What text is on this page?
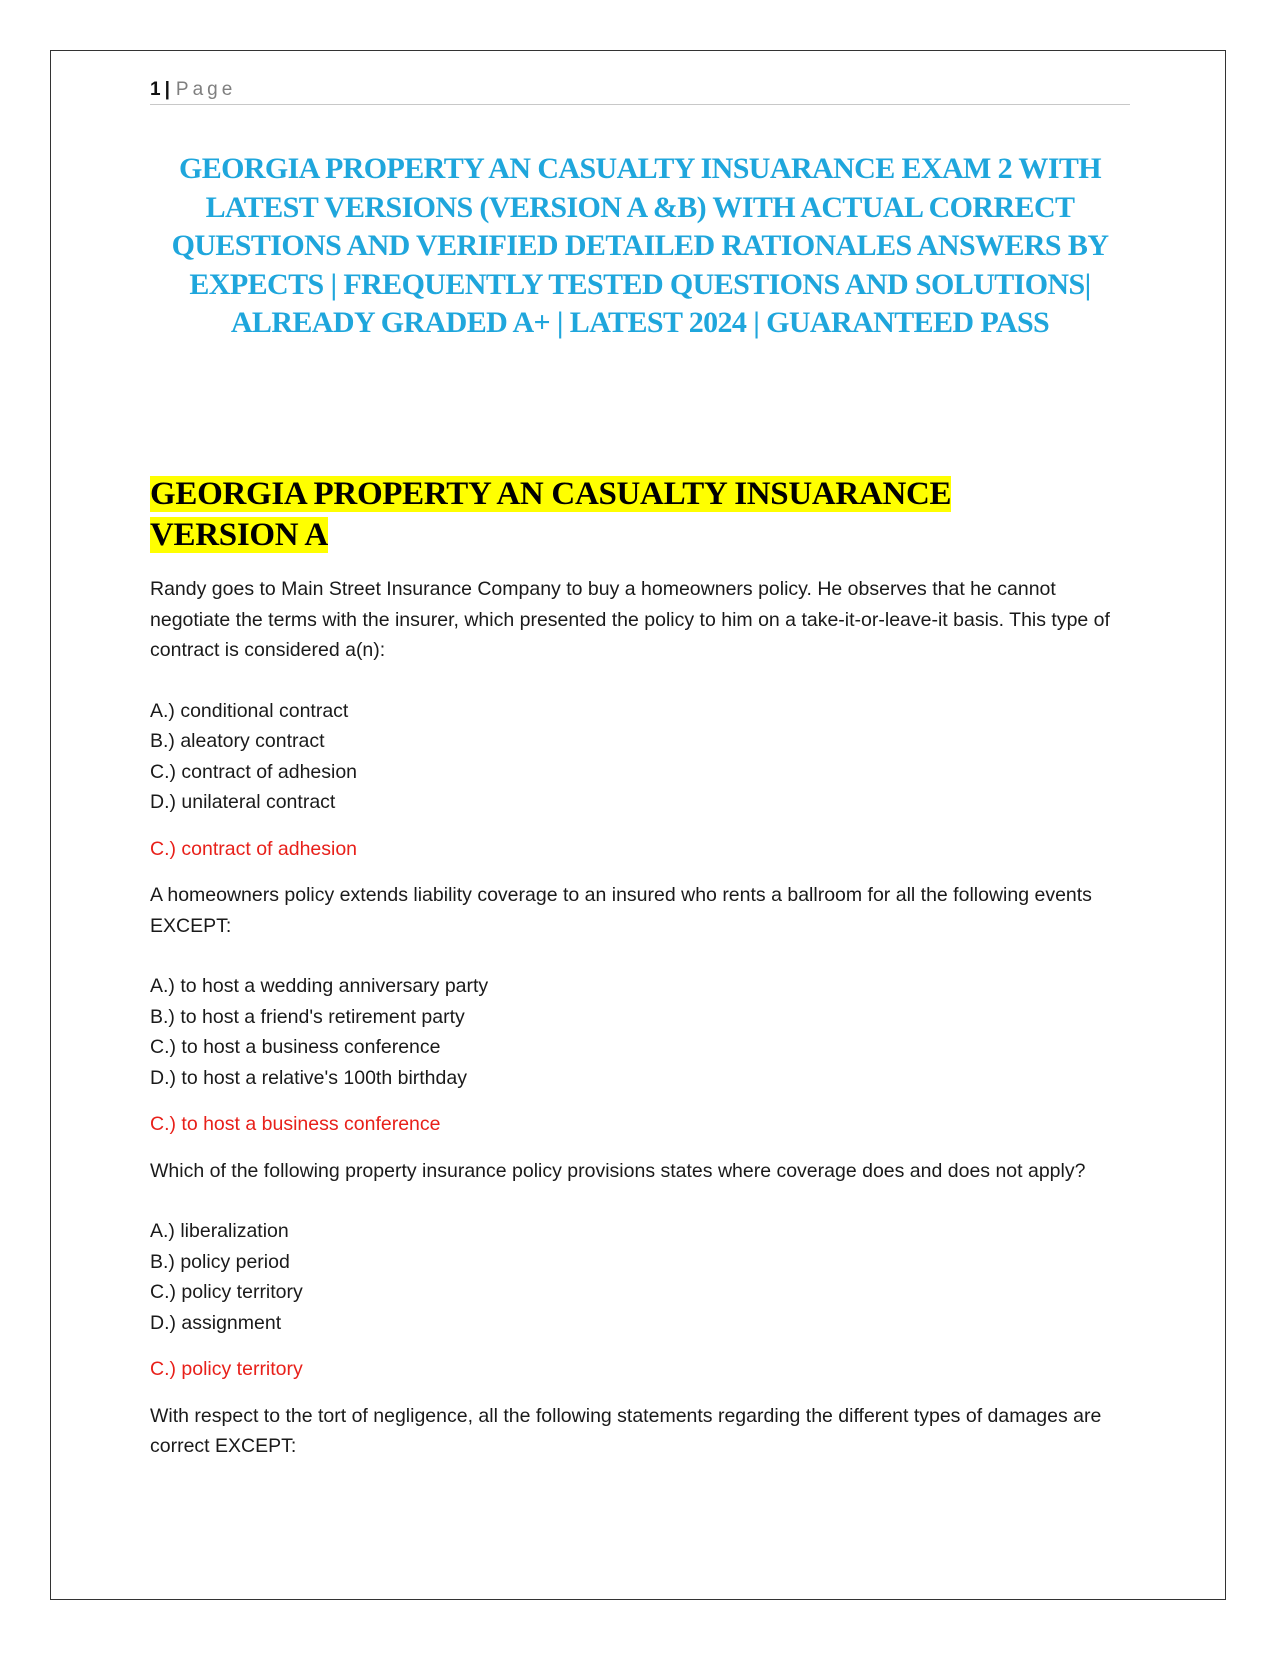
1 | Page
GEORGIA PROPERTY AN CASUALTY INSUARANCE EXAM 2 WITH LATEST VERSIONS (VERSION A &B) WITH ACTUAL CORRECT QUESTIONS AND VERIFIED DETAILED RATIONALES ANSWERS BY EXPECTS | FREQUENTLY TESTED QUESTIONS AND SOLUTIONS| ALREADY GRADED A+ | LATEST 2024 | GUARANTEED PASS
GEORGIA PROPERTY AN CASUALTY INSUARANCE VERSION A
Randy goes to Main Street Insurance Company to buy a homeowners policy. He observes that he cannot negotiate the terms with the insurer, which presented the policy to him on a take-it-or-leave-it basis. This type of contract is considered a(n):
A.) conditional contract
B.) aleatory contract
C.) contract of adhesion
D.) unilateral contract
C.) contract of adhesion
A homeowners policy extends liability coverage to an insured who rents a ballroom for all the following events EXCEPT:
A.) to host a wedding anniversary party
B.) to host a friend's retirement party
C.) to host a business conference
D.) to host a relative's 100th birthday
C.) to host a business conference
Which of the following property insurance policy provisions states where coverage does and does not apply?
A.) liberalization
B.) policy period
C.) policy territory
D.) assignment
C.) policy territory
With respect to the tort of negligence, all the following statements regarding the different types of damages are correct EXCEPT:
